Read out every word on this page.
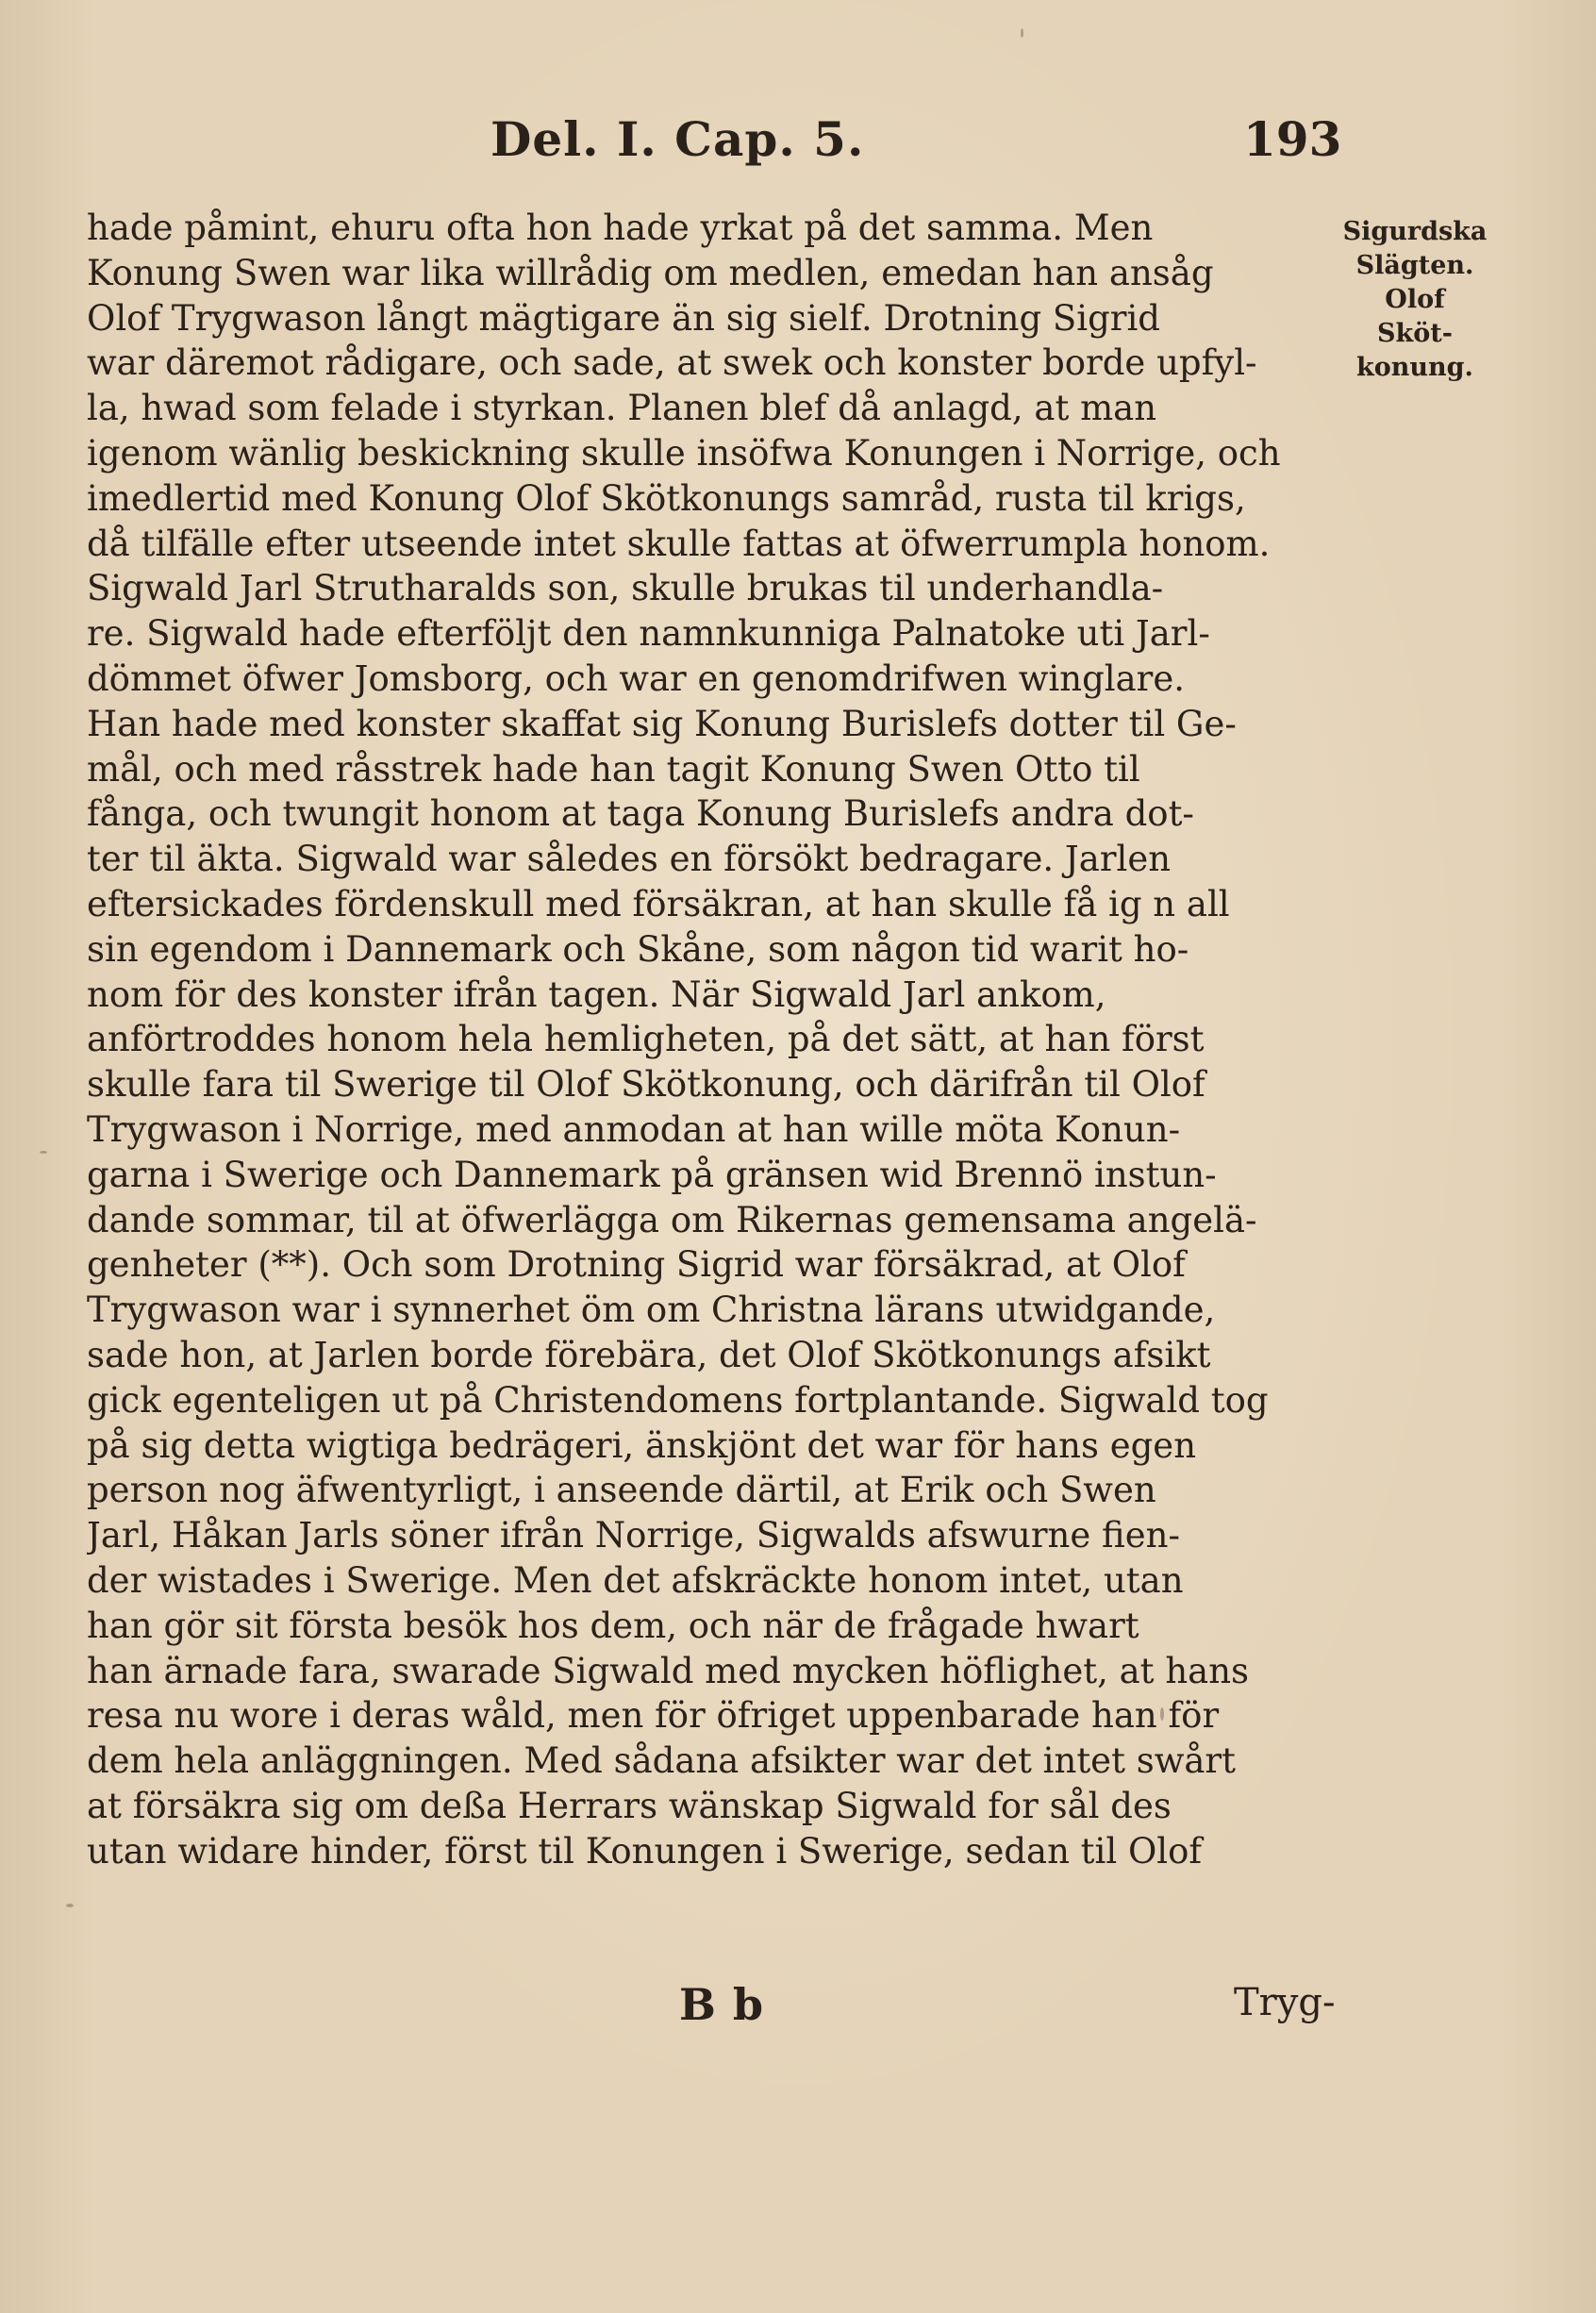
Del. I. Cap. 5.	193
Sigurdska
Slägten.
Olof
Sköt-
konung.
hade påmint, ehuru ofta hon hade yrkat på det samma. Men
Konung Swen war lika willrådig om medlen, emedan han ansåg
Olof Trygwason långt mägtigare än sig sielf. Drotning Sigrid
war däremot rådigare, och sade, at swek och konster borde upfyl-
la, hwad som felade i styrkan. Planen blef då anlagd, at man
igenom wänlig beskickning skulle insöfwa Konungen i Norrige, och
imedlertid med Konung Olof Skötkonungs samråd, rusta til krigs,
då tilfälle efter utseende intet skulle fattas at öfwerrumpla honom.
Sigwald Jarl Strutharalds son, skulle brukas til underhandla-
re. Sigwald hade efterföljt den namnkunniga Palnatoke uti Jarl-
dömmet öfwer Jomsborg, och war en genomdrifwen winglare.
Han hade med konster skaffat sig Konung Burislefs dotter til Ge-
mål, och med råsstrek hade han tagit Konung Swen Otto til
fånga, och twungit honom at taga Konung Burislefs andra dot-
ter til äkta. Sigwald war således en försökt bedragare. Jarlen
eftersickades fördenskull med försäkran, at han skulle få ig n all
sin egendom i Dannemark och Skåne, som någon tid warit ho-
nom för des konster ifrån tagen. När Sigwald Jarl ankom,
anförtroddes honom hela hemligheten, på det sätt, at han först
skulle fara til Swerige til Olof Skötkonung, och därifrån til Olof
Trygwason i Norrige, med anmodan at han wille möta Konun-
garna i Swerige och Dannemark på gränsen wid Brennö instun-
dande sommar, til at öfwerlägga om Rikernas gemensama angelä-
genheter (**). Och som Drotning Sigrid war försäkrad, at Olof
Trygwason war i synnerhet öm om Christna lärans utwidgande,
sade hon, at Jarlen borde förebära, det Olof Skötkonungs afsikt
gick egenteligen ut på Christendomens fortplantande. Sigwald tog
på sig detta wigtiga bedrägeri, änskjönt det war för hans egen
person nog äfwentyrligt, i anseende därtil, at Erik och Swen
Jarl, Håkan Jarls söner ifrån Norrige, Sigwalds afswurne fien-
der wistades i Swerige. Men det afskräckte honom intet, utan
han gör sit första besök hos dem, och när de frågade hwart
han ärnade fara, swarade Sigwald med mycken höflighet, at hans
resa nu wore i deras wåld, men för öfriget uppenbarade han för
dem hela anläggningen. Med sådana afsikter war det intet swårt
at försäkra sig om deßa Herrars wänskap Sigwald for sål des
utan widare hinder, först til Konungen i Swerige, sedan til Olof
Bb	Tryg-
